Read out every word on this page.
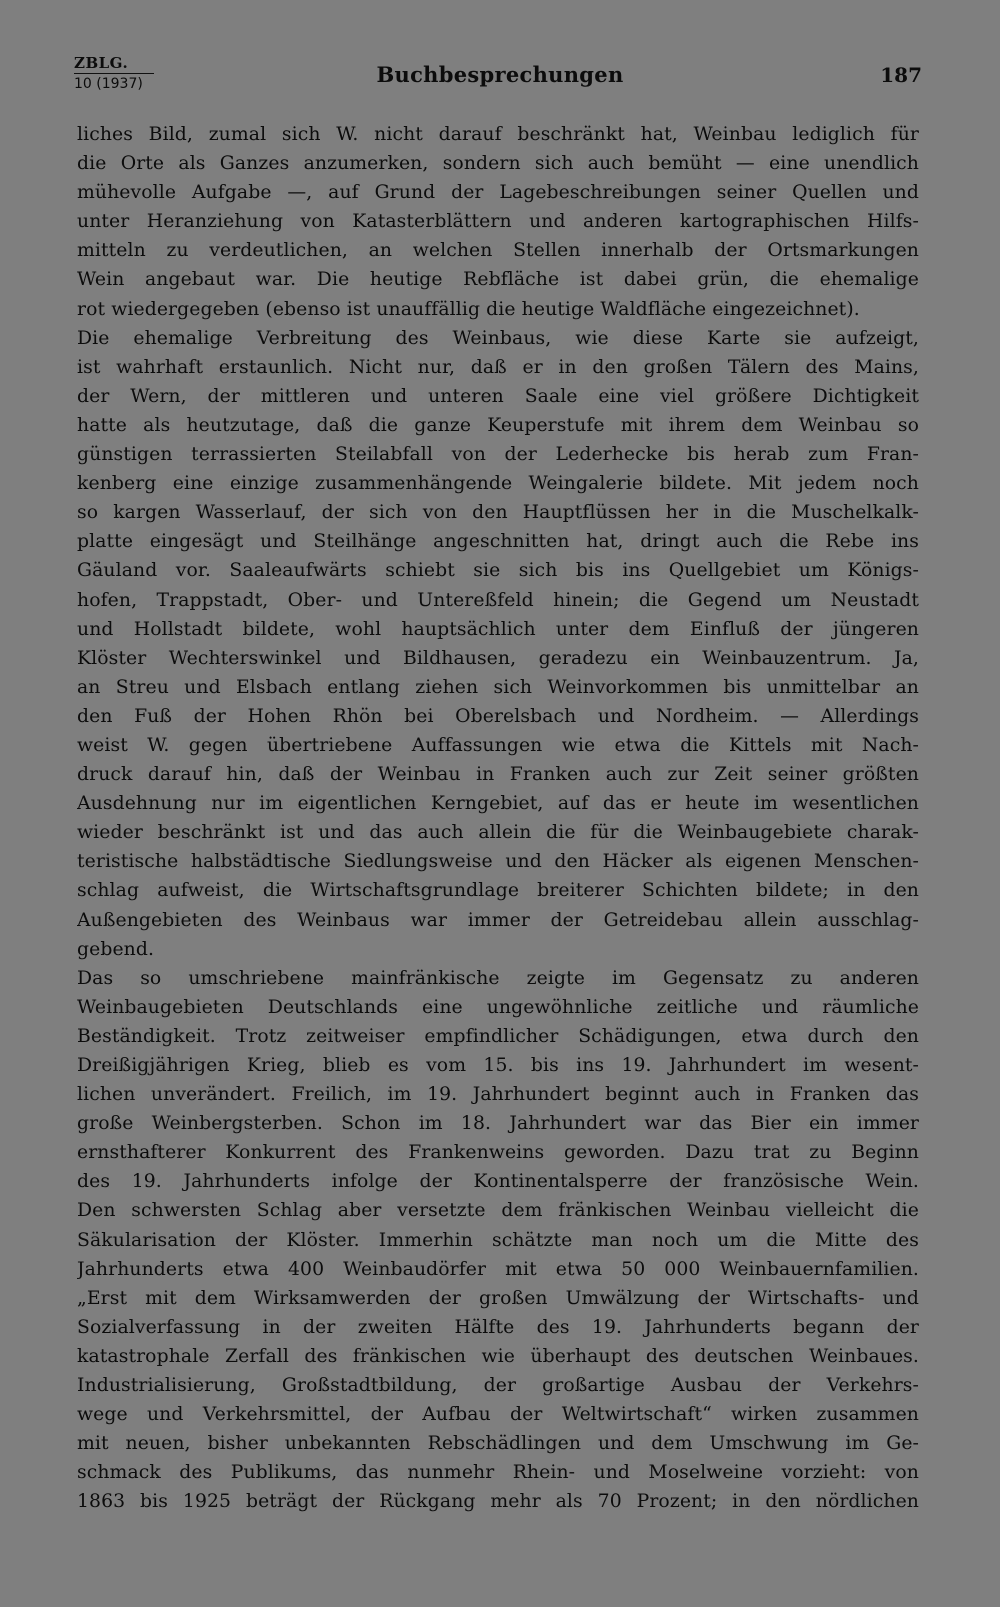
ZBLG.
10 (1937)	Buchbesprechungen	187
liches Bild, zumal sich W. nicht darauf beschränkt hat, Weinbau lediglich für
die Orte als Ganzes anzumerken, sondern sich auch bemüht — eine unendlich
mühevolle Aufgabe —, auf Grund der Lagebeschreibungen seiner Quellen und
unter Heranziehung von Katasterblättern und anderen kartographischen Hilfs-
mitteln zu verdeutlichen, an welchen Stellen innerhalb der Ortsmarkungen
Wein angebaut war. Die heutige Rebfläche ist dabei grün, die ehemalige
rot wiedergegeben (ebenso ist unauffällig die heutige Waldfläche eingezeichnet).
Die ehemalige Verbreitung des Weinbaus, wie diese Karte sie aufzeigt,
ist wahrhaft erstaunlich. Nicht nur, daß er in den großen Tälern des Mains,
der Wern, der mittleren und unteren Saale eine viel größere Dichtigkeit
hatte als heutzutage, daß die ganze Keuperstufe mit ihrem dem Weinbau so
günstigen terrassierten Steilabfall von der Lederhecke bis herab zum Fran-
kenberg eine einzige zusammenhängende Weingalerie bildete. Mit jedem noch
so kargen Wasserlauf, der sich von den Hauptflüssen her in die Muschelkalk-
platte eingesägt und Steilhänge angeschnitten hat, dringt auch die Rebe ins
Gäuland vor. Saaleaufwärts schiebt sie sich bis ins Quellgebiet um Königs-
hofen, Trappstadt, Ober- und Untereßfeld hinein; die Gegend um Neustadt
und Hollstadt bildete, wohl hauptsächlich unter dem Einfluß der jüngeren
Klöster Wechterswinkel und Bildhausen, geradezu ein Weinbauzentrum. Ja,
an Streu und Elsbach entlang ziehen sich Weinvorkommen bis unmittelbar an
den Fuß der Hohen Rhön bei Oberelsbach und Nordheim. — Allerdings
weist W. gegen übertriebene Auffassungen wie etwa die Kittels mit Nach-
druck darauf hin, daß der Weinbau in Franken auch zur Zeit seiner größten
Ausdehnung nur im eigentlichen Kerngebiet, auf das er heute im wesentlichen
wieder beschränkt ist und das auch allein die für die Weinbaugebiete charak-
teristische halbstädtische Siedlungsweise und den Häcker als eigenen Menschen-
schlag aufweist, die Wirtschaftsgrundlage breiterer Schichten bildete; in den
Außengebieten des Weinbaus war immer der Getreidebau allein ausschlag-
gebend.
Das so umschriebene mainfränkische zeigte im Gegensatz zu anderen
Weinbaugebieten Deutschlands eine ungewöhnliche zeitliche und räumliche
Beständigkeit. Trotz zeitweiser empfindlicher Schädigungen, etwa durch den
Dreißigjährigen Krieg, blieb es vom 15. bis ins 19. Jahrhundert im wesent-
lichen unverändert. Freilich, im 19. Jahrhundert beginnt auch in Franken das
große Weinbergsterben. Schon im 18. Jahrhundert war das Bier ein immer
ernsthafterer Konkurrent des Frankenweins geworden. Dazu trat zu Beginn
des 19. Jahrhunderts infolge der Kontinentalsperre der französische Wein.
Den schwersten Schlag aber versetzte dem fränkischen Weinbau vielleicht die
Säkularisation der Klöster. Immerhin schätzte man noch um die Mitte des
Jahrhunderts etwa 400 Weinbaudörfer mit etwa 50 000 Weinbauernfamilien.
„Erst mit dem Wirksamwerden der großen Umwälzung der Wirtschafts- und
Sozialverfassung in der zweiten Hälfte des 19. Jahrhunderts begann der
katastrophale Zerfall des fränkischen wie überhaupt des deutschen Weinbaues.
Industrialisierung, Großstadtbildung, der großartige Ausbau der Verkehrs-
wege und Verkehrsmittel, der Aufbau der Weltwirtschaft“ wirken zusammen
mit neuen, bisher unbekannten Rebschädlingen und dem Umschwung im Ge-
schmack des Publikums, das nunmehr Rhein- und Moselweine vorzieht: von
1863 bis 1925 beträgt der Rückgang mehr als 70 Prozent; in den nördlichen
